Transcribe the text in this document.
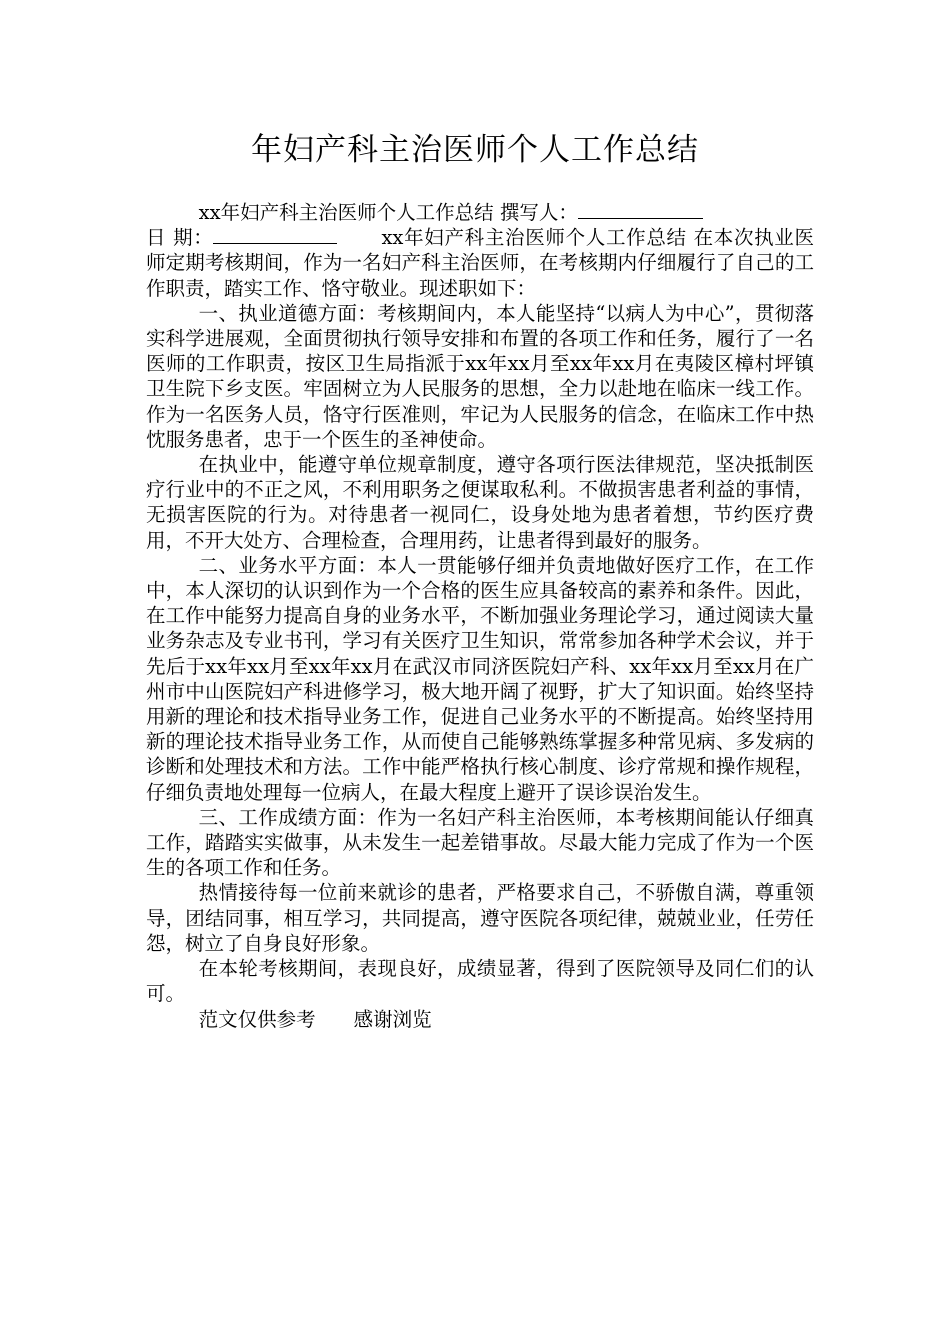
年妇产科主治医师个人工作总结

xx年妇产科主治医师个人工作总结 撰写人：

日 期：	xx年妇产科主治医师个人工作总结 在本次执业医师定期考核期间，作为一名妇产科主治医师，在考核期内仔细履行了自己的工作职责，踏实工作、恪守敬业。现述职如下：

一、执业道德方面：考核期间内，本人能坚持“以病人为中心”，贯彻落实科学进展观，全面贯彻执行领导安排和布置的各项工作和任务，履行了一名医师的工作职责，按区卫生局指派于xx年xx月至xx年xx月在夷陵区樟村坪镇卫生院下乡支医。牢固树立为人民服务的思想，全力以赴地在临床一线工作。作为一名医务人员，恪守行医准则，牢记为人民服务的信念，在临床工作中热忱服务患者，忠于一个医生的圣神使命。

在执业中，能遵守单位规章制度，遵守各项行医法律规范，坚决抵制医疗行业中的不正之风，不利用职务之便谋取私利。不做损害患者利益的事情，无损害医院的行为。对待患者一视同仁，设身处地为患者着想，节约医疗费用，不开大处方、合理检查，合理用药，让患者得到最好的服务。

二、业务水平方面：本人一贯能够仔细并负责地做好医疗工作，在工作中，本人深切的认识到作为一个合格的医生应具备较高的素养和条件。因此，在工作中能努力提高自身的业务水平，不断加强业务理论学习，通过阅读大量业务杂志及专业书刊，学习有关医疗卫生知识，常常参加各种学术会议，并于先后于xx年xx月至xx年xx月在武汉市同济医院妇产科、xx年xx月至xx月在广州市中山医院妇产科进修学习，极大地开阔了视野，扩大了知识面。始终坚持用新的理论和技术指导业务工作，促进自己业务水平的不断提高。始终坚持用新的理论技术指导业务工作，从而使自己能够熟练掌握多种常见病、多发病的诊断和处理技术和方法。工作中能严格执行核心制度、诊疗常规和操作规程，仔细负责地处理每一位病人，在最大程度上避开了误诊误治发生。

三、工作成绩方面：作为一名妇产科主治医师，本考核期间能认仔细真工作，踏踏实实做事，从未发生一起差错事故。尽最大能力完成了作为一个医生的各项工作和任务。

热情接待每一位前来就诊的患者，严格要求自己，不骄傲自满，尊重领导，团结同事，相互学习，共同提高，遵守医院各项纪律，兢兢业业，任劳任怨，树立了自身良好形象。

在本轮考核期间，表现良好，成绩显著，得到了医院领导及同仁们的认可。

范文仅供参考 感谢浏览
